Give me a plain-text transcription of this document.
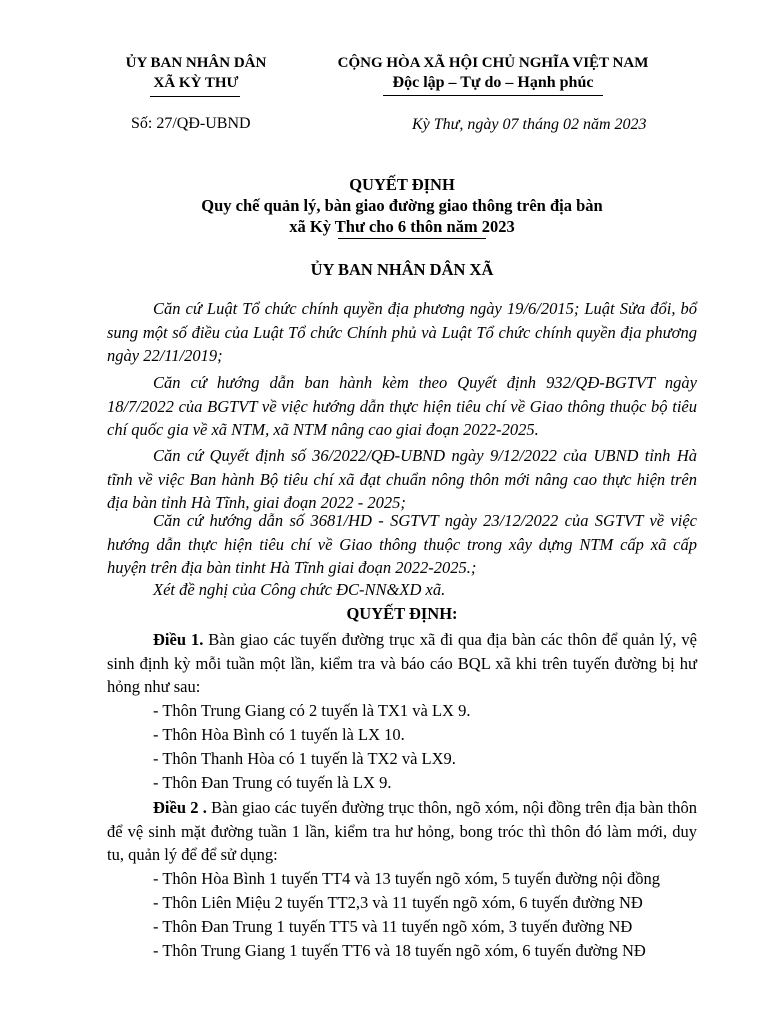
ỦY BAN NHÂN DÂN
XÃ KỲ THƯ
CỘNG HÒA XÃ HỘI CHỦ NGHĨA VIỆT NAM
Độc lập – Tự do – Hạnh phúc
Số: 27/QĐ-UBND	Kỳ Thư, ngày 07 tháng 02 năm 2023
QUYẾT ĐỊNH
Quy chế quản lý, bàn giao đường giao thông trên địa bàn
xã Kỳ Thư cho 6 thôn năm 2023
ỦY BAN NHÂN DÂN XÃ
Căn cứ Luật Tổ chức chính quyền địa phương ngày 19/6/2015; Luật Sửa đổi, bổ sung một số điều của Luật Tổ chức Chính phủ và Luật Tổ chức chính quyền địa phương ngày 22/11/2019;
Căn cứ hướng dẫn ban hành kèm theo Quyết định 932/QĐ-BGTVT ngày 18/7/2022 của BGTVT về việc hướng dẫn thực hiện tiêu chí về Giao thông thuộc bộ tiêu chí quốc gia về xã NTM, xã NTM nâng cao giai đoạn 2022-2025.
Căn cứ Quyết định số 36/2022/QĐ-UBND ngày 9/12/2022 của UBND tỉnh Hà tĩnh về việc Ban hành Bộ tiêu chí xã đạt chuẩn nông thôn mới nâng cao thực hiện trên địa bàn tỉnh Hà Tĩnh, giai đoạn 2022 - 2025;
Căn cứ hướng dẫn số 3681/HD - SGTVT ngày 23/12/2022 của SGTVT về việc hướng dẫn thực hiện tiêu chí về Giao thông thuộc trong xây dựng NTM cấp xã cấp huyện trên địa bàn tinht Hà Tĩnh giai đoạn 2022-2025.;
Xét đề nghị của Công chức ĐC-NN&XD xã.
QUYẾT ĐỊNH:
Điều 1. Bàn giao các tuyến đường trục xã đi qua địa bàn các thôn để quản lý, vệ sinh định kỳ mỗi tuần một lần, kiểm tra và báo cáo BQL xã khi trên tuyến đường bị hư hỏng như sau:
- Thôn Trung Giang có 2 tuyến là TX1 và LX 9.
- Thôn Hòa Bình có 1 tuyến là LX 10.
- Thôn Thanh Hòa có 1 tuyến là TX2 và LX9.
- Thôn Đan Trung có tuyến là LX 9.
Điều 2 . Bàn giao các tuyến đường trục thôn, ngõ xóm, nội đồng trên địa bàn thôn để vệ sinh mặt đường tuần 1 lần, kiểm tra hư hỏng, bong tróc thì thôn đó làm mới, duy tu, quản lý để để sử dụng:
- Thôn Hòa Bình 1 tuyến TT4 và 13 tuyến ngõ xóm, 5 tuyến đường nội đồng
- Thôn Liên Miệu 2 tuyến TT2,3 và 11 tuyến ngõ xóm, 6 tuyến đường NĐ
- Thôn Đan Trung 1 tuyến TT5 và 11 tuyến ngõ xóm, 3 tuyến đường NĐ
- Thôn Trung Giang 1 tuyến TT6 và 18 tuyến ngõ xóm, 6 tuyến đường NĐ
